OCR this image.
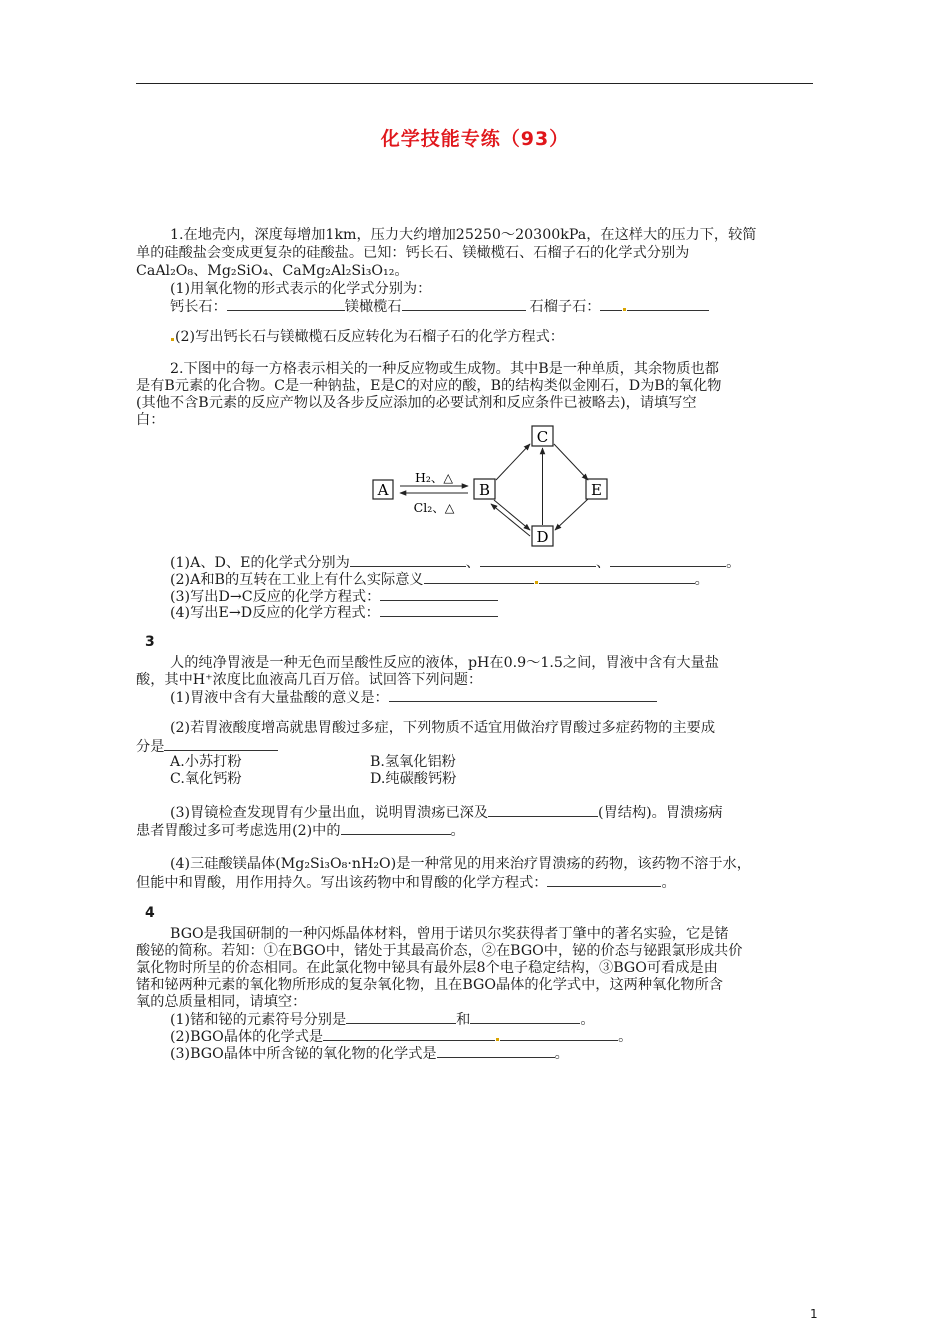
化学技能专练（93）
1.在地壳内，深度每增加1km，压力大约增加25250～20300kPa，在这样大的压力下，较简
单的硅酸盐会变成更复杂的硅酸盐。已知：钙长石、镁橄榄石、石榴子石的化学式分别为
CaAl₂O₈、Mg₂SiO₄、CaMg₂Al₂Si₃O₁₂。
(1)用氧化物的形式表示的化学式分别为：
钙长石：	镁橄榄石	石榴子石：
(2)写出钙长石与镁橄榄石反应转化为石榴子石的化学方程式：
2.下图中的每一方格表示相关的一种反应物或生成物。其中B是一种单质，其余物质也都
是有B元素的化合物。C是一种钠盐，E是C的对应的酸，B的结构类似金刚石，D为B的氧化物
(其他不含B元素的反应产物以及各步反应添加的必要试剂和反应条件已被略去)，请填写空
白：
A	B
C
D
E
H₂、△
Cl₂、△
(1)A、D、E的化学式分别为	、	、	。
(2)A和B的互转在工业上有什么实际意义	。
(3)写出D→C反应的化学方程式：
(4)写出E→D反应的化学方程式：
3
人的纯净胃液是一种无色而呈酸性反应的液体，pH在0.9～1.5之间，胃液中含有大量盐
酸，其中H⁺浓度比血液高几百万倍。试回答下列问题：
(1)胃液中含有大量盐酸的意义是：
(2)若胃液酸度增高就患胃酸过多症，下列物质不适宜用做治疗胃酸过多症药物的主要成
分是
A.小苏打粉	B.氢氧化铝粉
C.氧化钙粉	D.纯碳酸钙粉
(3)胃镜检查发现胃有少量出血，说明胃溃疡已深及	(胃结构)。胃溃疡病
患者胃酸过多可考虑选用(2)中的	。
(4)三硅酸镁晶体(Mg₂Si₃O₈·nH₂O)是一种常见的用来治疗胃溃疡的药物，该药物不溶于水，
但能中和胃酸，用作用持久。写出该药物中和胃酸的化学方程式：	。
4
BGO是我国研制的一种闪烁晶体材料，曾用于诺贝尔奖获得者丁肇中的著名实验，它是锗
酸铋的简称。若知：①在BGO中，锗处于其最高价态，②在BGO中，铋的价态与铋跟氯形成共价
氯化物时所呈的价态相同。在此氯化物中铋具有最外层8个电子稳定结构，③BGO可看成是由
锗和铋两种元素的氧化物所形成的复杂氧化物，且在BGO晶体的化学式中，这两种氧化物所含
氧的总质量相同，请填空：
(1)锗和铋的元素符号分别是	和	。
(2)BGO晶体的化学式是	。
(3)BGO晶体中所含铋的氧化物的化学式是	。
1
